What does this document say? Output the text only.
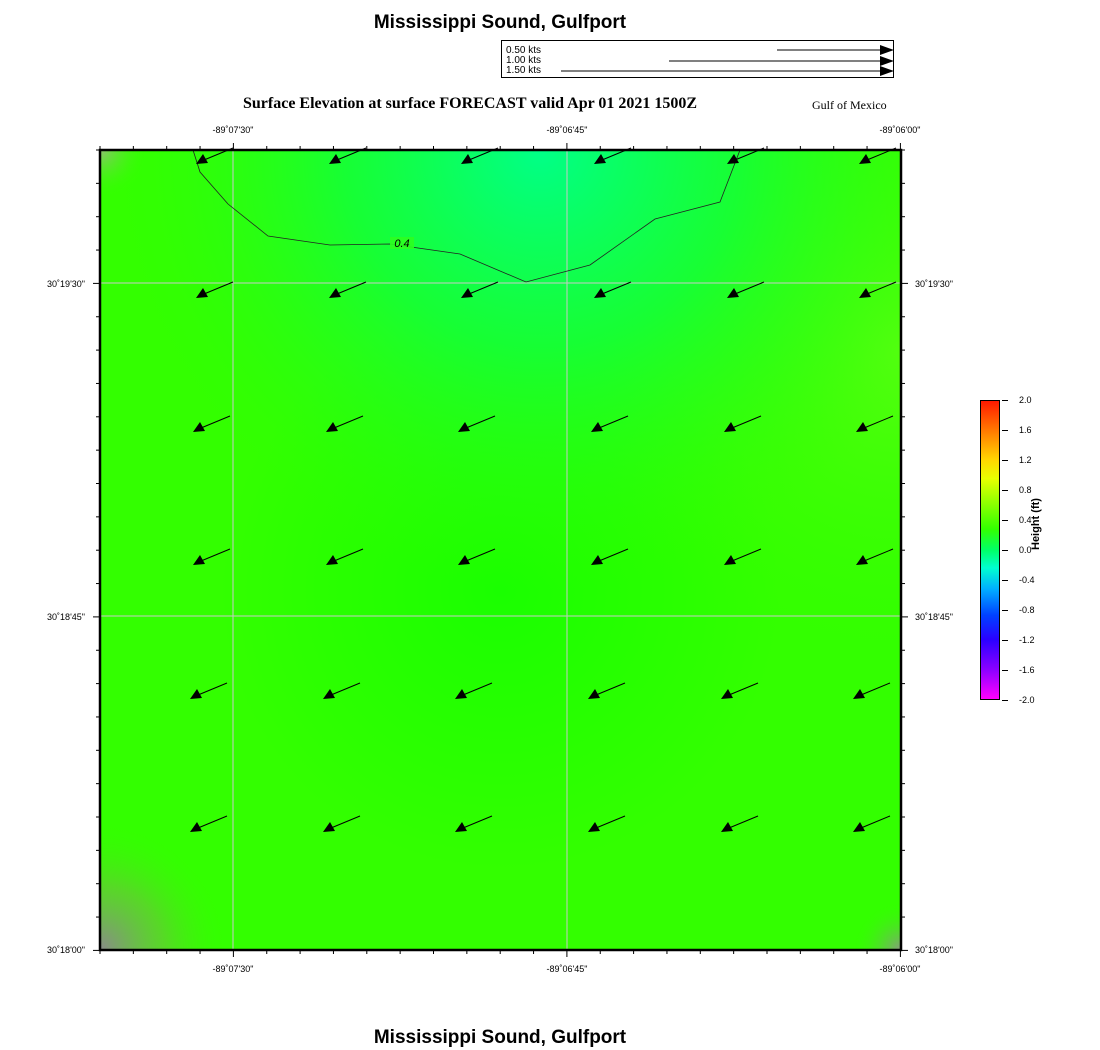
Mississippi Sound, Gulfport
0.50 kts
1.00 kts
1.50 kts
Surface Elevation at surface FORECAST valid Apr 01 2021 1500Z	Gulf of Mexico
0.4
-89˚07'30"	-89˚06'45"	-89˚06'00"
-89˚07'30"	-89˚06'45"	-89˚06'00"
30˚19'30"
30˚18'45"
30˚18'00"
30˚19'30"
30˚18'45"
30˚18'00"
2.0
1.6
1.2
0.8
0.4
0.0
-0.4
-0.8
-1.2
-1.6
-2.0
Height (ft)
Mississippi Sound, Gulfport
